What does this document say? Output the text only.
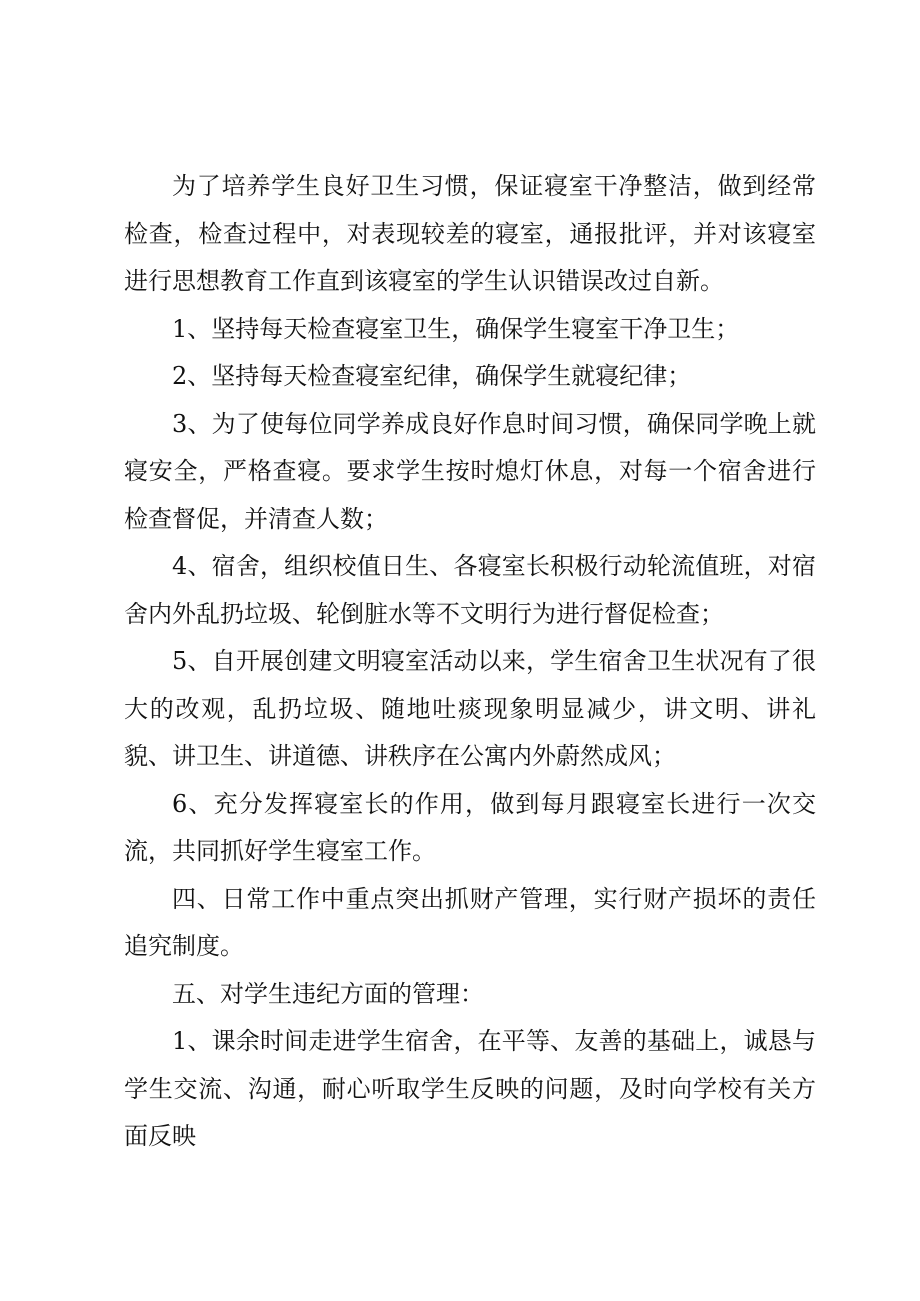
为了培养学生良好卫生习惯，保证寝室干净整洁，做到经常检查，检查过程中，对表现较差的寝室，通报批评，并对该寝室进行思想教育工作直到该寝室的学生认识错误改过自新。

1、坚持每天检查寝室卫生，确保学生寝室干净卫生；

2、坚持每天检查寝室纪律，确保学生就寝纪律；

3、为了使每位同学养成良好作息时间习惯，确保同学晚上就寝安全，严格查寝。要求学生按时熄灯休息，对每一个宿舍进行检查督促，并清查人数；

4、宿舍，组织校值日生、各寝室长积极行动轮流值班，对宿舍内外乱扔垃圾、轮倒脏水等不文明行为进行督促检查；

5、自开展创建文明寝室活动以来，学生宿舍卫生状况有了很大的改观，乱扔垃圾、随地吐痰现象明显减少，讲文明、讲礼貌、讲卫生、讲道德、讲秩序在公寓内外蔚然成风；

6、充分发挥寝室长的作用，做到每月跟寝室长进行一次交流，共同抓好学生寝室工作。

四、日常工作中重点突出抓财产管理，实行财产损坏的责任追究制度。

五、对学生违纪方面的管理：

1、课余时间走进学生宿舍，在平等、友善的基础上，诚恳与学生交流、沟通，耐心听取学生反映的问题，及时向学校有关方面反映
